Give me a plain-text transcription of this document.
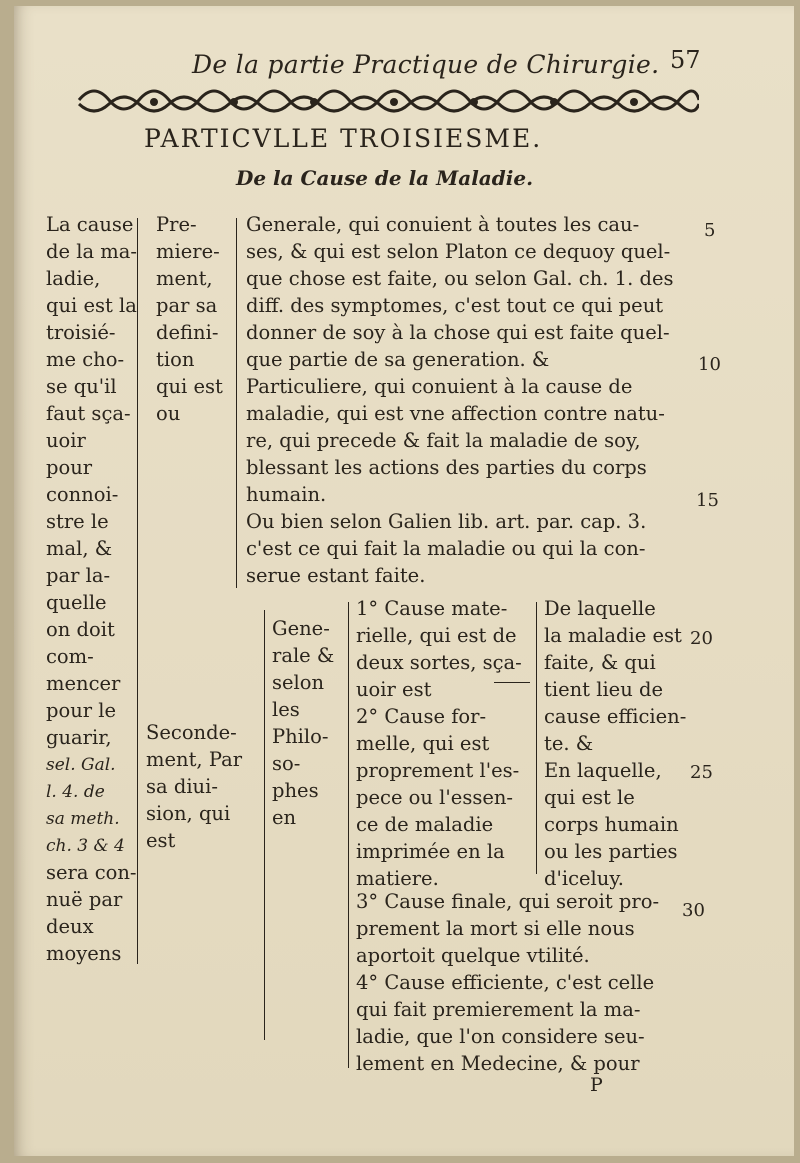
De la partie Practique de Chirurgie. 57
PARTICVLLE TROISIESME.
De la Cause de la Maladie.
La cause
de la ma-
ladie,
qui est la
troisié-
me cho-
se qu'il
faut sça-
uoir
pour
connoi-
stre le
mal, &
par la-
quelle
on doit
com-
mencer
pour le
guarir,
sel. Gal.
l. 4. de
sa meth.
ch. 3 & 4
sera con-
nuë par
deux
moyens
Pre-
miere-
ment,
par sa
defini-
tion
qui est
ou
Seconde-
ment, Par
sa diui-
sion, qui
est
Generale, qui conuient à toutes les cau-
ses, & qui est selon Platon ce dequoy quel-
que chose est faite, ou selon Gal. ch. 1. des
diff. des symptomes, c'est tout ce qui peut
donner de soy à la chose qui est faite quel-
que partie de sa generation. &
Particuliere, qui conuient à la cause de
maladie, qui est vne affection contre natu-
re, qui precede & fait la maladie de soy,
blessant les actions des parties du corps
humain.
Ou bien selon Galien lib. art. par. cap. 3.
c'est ce qui fait la maladie ou qui la con-
serue estant faite.
Gene-
rale &
selon
les
Philo-
so-
phes
en
1° Cause mate-
rielle, qui est de
deux sortes, sça-
uoir est
2° Cause for-
melle, qui est
proprement l'es-
pece ou l'essen-
ce de maladie
imprimée en la
matiere.
De laquelle
la maladie est
faite, & qui
tient lieu de
cause efficien-
te. &
En laquelle,
qui est le
corps humain
ou les parties
d'iceluy.
3° Cause finale, qui seroit pro-
prement la mort si elle nous
aportoit quelque vtilité.
4° Cause efficiente, c'est celle
qui fait premierement la ma-
ladie, que l'on considere seu-
lement en Medecine, & pour
5
10
15
20
25
30
P
